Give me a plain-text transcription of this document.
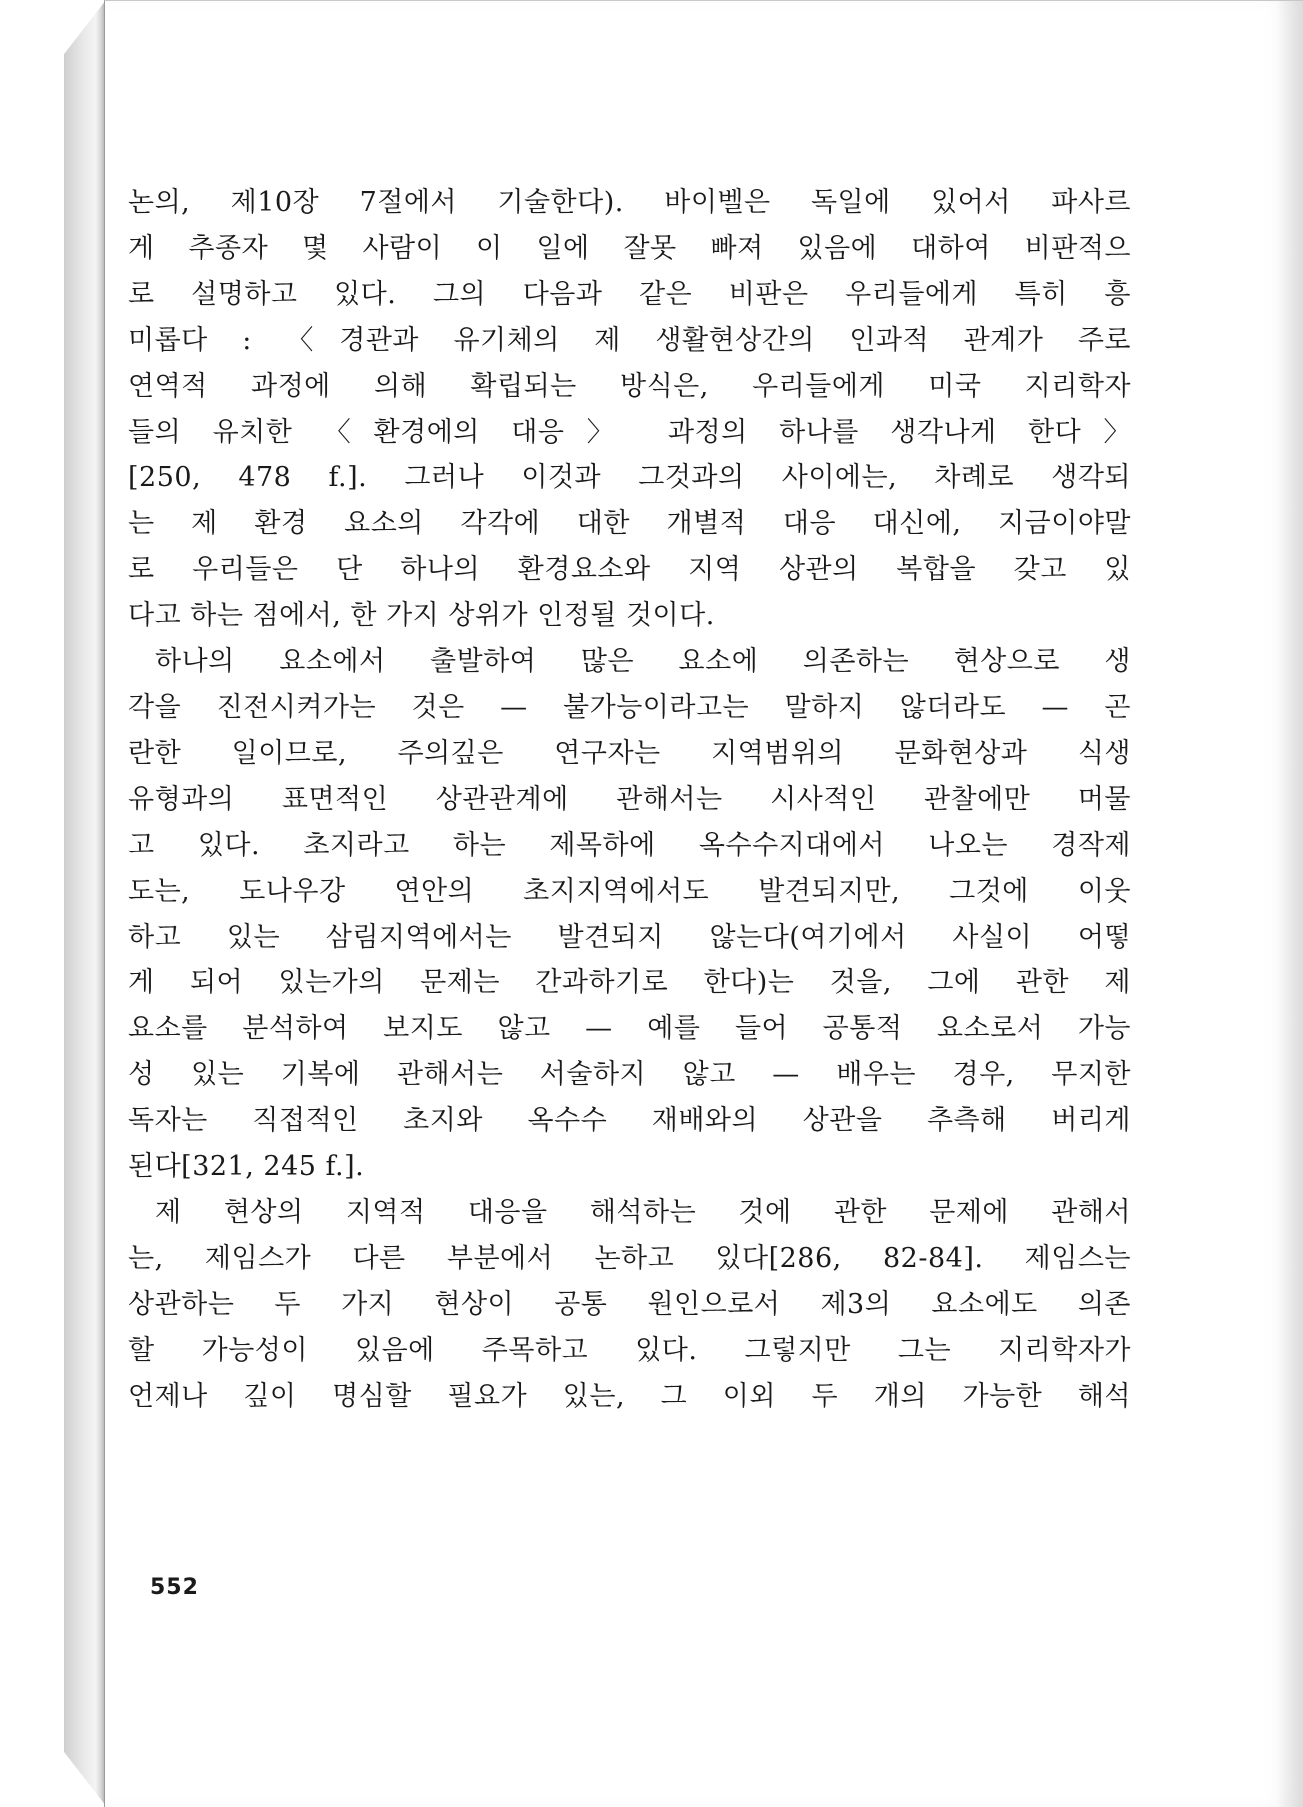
논의, 제10장 7절에서 기술한다). 바이벨은 독일에 있어서 파사르
게 추종자 몇 사람이 이 일에 잘못 빠져 있음에 대하여 비판적으
로 설명하고 있다. 그의 다음과 같은 비판은 우리들에게 특히 흥
미롭다 : 〈경관과 유기체의 제 생활현상간의 인과적 관계가 주로
연역적 과정에 의해 확립되는 방식은, 우리들에게 미국 지리학자
들의 유치한 〈환경에의 대응〉 과정의 하나를 생각나게 한다〉
[250, 478 f.]. 그러나 이것과 그것과의 사이에는, 차례로 생각되
는 제 환경 요소의 각각에 대한 개별적 대응 대신에, 지금이야말
로 우리들은 단 하나의 환경요소와 지역 상관의 복합을 갖고 있
다고 하는 점에서, 한 가지 상위가 인정될 것이다.

하나의 요소에서 출발하여 많은 요소에 의존하는 현상으로 생
각을 진전시켜가는 것은 — 불가능이라고는 말하지 않더라도 — 곤
란한 일이므로, 주의깊은 연구자는 지역범위의 문화현상과 식생
유형과의 표면적인 상관관계에 관해서는 시사적인 관찰에만 머물
고 있다. 초지라고 하는 제목하에 옥수수지대에서 나오는 경작제
도는, 도나우강 연안의 초지지역에서도 발견되지만, 그것에 이웃
하고 있는 삼림지역에서는 발견되지 않는다(여기에서 사실이 어떻
게 되어 있는가의 문제는 간과하기로 한다)는 것을, 그에 관한 제
요소를 분석하여 보지도 않고 — 예를 들어 공통적 요소로서 가능
성 있는 기복에 관해서는 서술하지 않고 — 배우는 경우, 무지한
독자는 직접적인 초지와 옥수수 재배와의 상관을 추측해 버리게
된다[321, 245 f.].

제 현상의 지역적 대응을 해석하는 것에 관한 문제에 관해서
는, 제임스가 다른 부분에서 논하고 있다[286, 82-84]. 제임스는
상관하는 두 가지 현상이 공통 원인으로서 제3의 요소에도 의존
할 가능성이 있음에 주목하고 있다. 그렇지만 그는 지리학자가
언제나 깊이 명심할 필요가 있는, 그 이외 두 개의 가능한 해석

552
